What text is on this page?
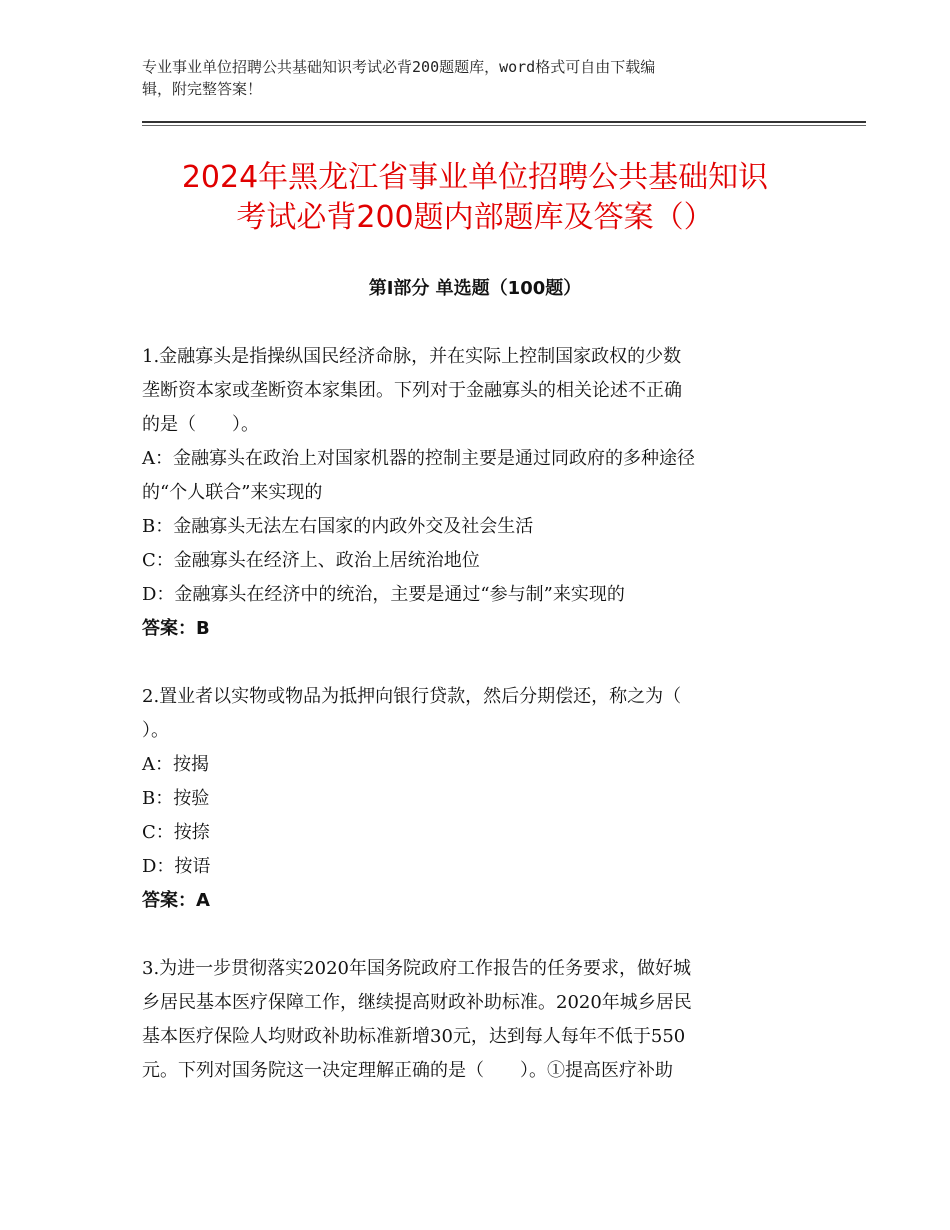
专业事业单位招聘公共基础知识考试必背200题题库，word格式可自由下载编
辑，附完整答案！
2024年黑龙江省事业单位招聘公共基础知识
考试必背200题内部题库及答案（）
第Ⅰ部分 单选题（100题）
1.金融寡头是指操纵国民经济命脉，并在实际上控制国家政权的少数
垄断资本家或垄断资本家集团。下列对于金融寡头的相关论述不正确
的是（　　）。
A：金融寡头在政治上对国家机器的控制主要是通过同政府的多种途径
的“个人联合”来实现的
B：金融寡头无法左右国家的内政外交及社会生活
C：金融寡头在经济上、政治上居统治地位
D：金融寡头在经济中的统治，主要是通过“参与制”来实现的
答案：B
2.置业者以实物或物品为抵押向银行贷款，然后分期偿还，称之为（
）。
A：按揭
B：按验
C：按捺
D：按语
答案：A
3.为进一步贯彻落实2020年国务院政府工作报告的任务要求，做好城
乡居民基本医疗保障工作，继续提高财政补助标准。2020年城乡居民
基本医疗保险人均财政补助标准新增30元，达到每人每年不低于550
元。下列对国务院这一决定理解正确的是（　　）。①提高医疗补助
